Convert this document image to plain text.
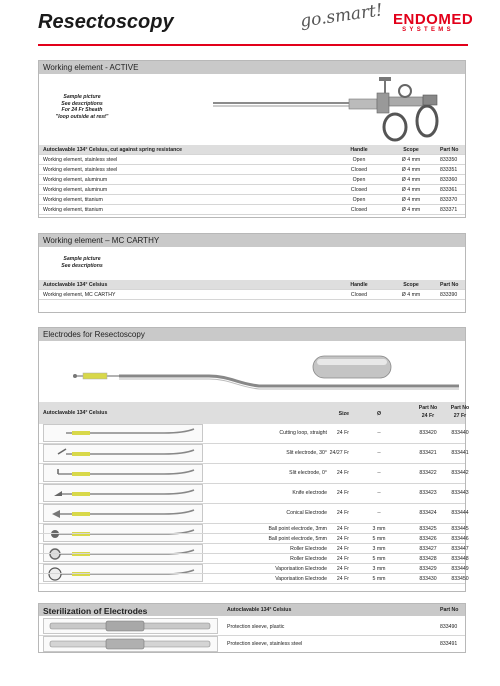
Resectoscopy	go.smart! ENDOMED
SYSTEMS
Working element - ACTIVE
Sample picture
See descriptions
For 24 Fr Sheath
"loop outside at rest"
Autoclavable 134° Celsius, cut against spring resistance	Handle	Scope	Part No
Working element, stainless steel	Open	Ø 4 mm	833350
Working element, stainless steel	Closed	Ø 4 mm	833351
Working element, aluminum	Open	Ø 4 mm	833360
Working element, aluminum	Closed	Ø 4 mm	833361
Working element, titanium	Open	Ø 4 mm	833370
Working element, titanium	Closed	Ø 4 mm	833371
Working element – MC CARTHY
Sample picture
See descriptions
Autoclavable 134° Celsius	Handle	Scope	Part No
Working element, MC CARTHY	Closed	Ø 4 mm	833390
Electrodes for Resectoscopy
Autoclavable 134° Celsius	Size	Ø
Part No
24 Fr
Part No
27 Fr
Cutting loop, straight	24 Fr	--	833420	833440
Slit electrode, 30° 24/27 Fr	--	833421	833441
Slit electrode, 0°	24 Fr	--	833422	833442
Knife electrode	24 Fr	--	833423	833443
Conical Electrode	24 Fr	--	833424	833444
Ball point electrode, 3mm	24 Fr	3 mm	833425	833445
Ball point electrode, 5mm	24 Fr	5 mm	833426	833446
Roller Electrode	24 Fr	3 mm	833427	833447
Roller Electrode	24 Fr	5 mm	833428	833448
Vaporisation Electrode	24 Fr	3 mm	833429	833449
Vaporisation Electrode	24 Fr	5 mm	833430	833450
Sterilization of Electrodes	Autoclavable 134° Celsius	Part No
Protection sleeve, plastic	833490
Protection sleeve, stainless steel	833491
